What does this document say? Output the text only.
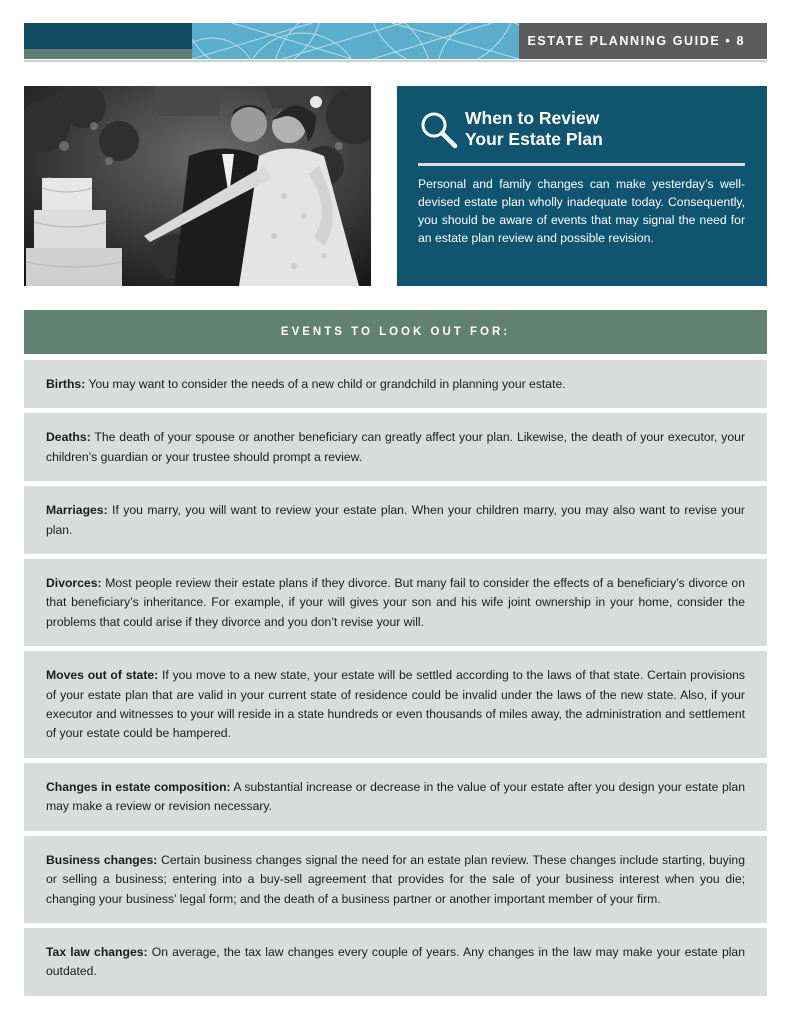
ESTATE PLANNING GUIDE • 8
When to Review
Your Estate Plan

Personal and family changes can make yesterday’s well-devised estate plan wholly inadequate today. Consequently, you should be aware of events that may signal the need for an estate plan review and possible revision.

EVENTS TO LOOK OUT FOR:
Births: You may want to consider the needs of a new child or grandchild in planning your estate.
Deaths: The death of your spouse or another beneficiary can greatly affect your plan. Likewise, the death of your executor, your children’s guardian or your trustee should prompt a review.
Marriages: If you marry, you will want to review your estate plan. When your children marry, you may also want to revise your plan.
Divorces: Most people review their estate plans if they divorce. But many fail to consider the effects of a beneficiary’s divorce on that beneficiary’s inheritance. For example, if your will gives your son and his wife joint ownership in your home, consider the problems that could arise if they divorce and you don’t revise your will.
Moves out of state: If you move to a new state, your estate will be settled according to the laws of that state. Certain provisions of your estate plan that are valid in your current state of residence could be invalid under the laws of the new state. Also, if your executor and witnesses to your will reside in a state hundreds or even thousands of miles away, the administration and settlement of your estate could be hampered.
Changes in estate composition: A substantial increase or decrease in the value of your estate after you design your estate plan may make a review or revision necessary.
Business changes: Certain business changes signal the need for an estate plan review. These changes include starting, buying or selling a business; entering into a buy-sell agreement that provides for the sale of your business interest when you die; changing your business’ legal form; and the death of a business partner or another important member of your firm.
Tax law changes: On average, the tax law changes every couple of years. Any changes in the law may make your estate plan outdated.
